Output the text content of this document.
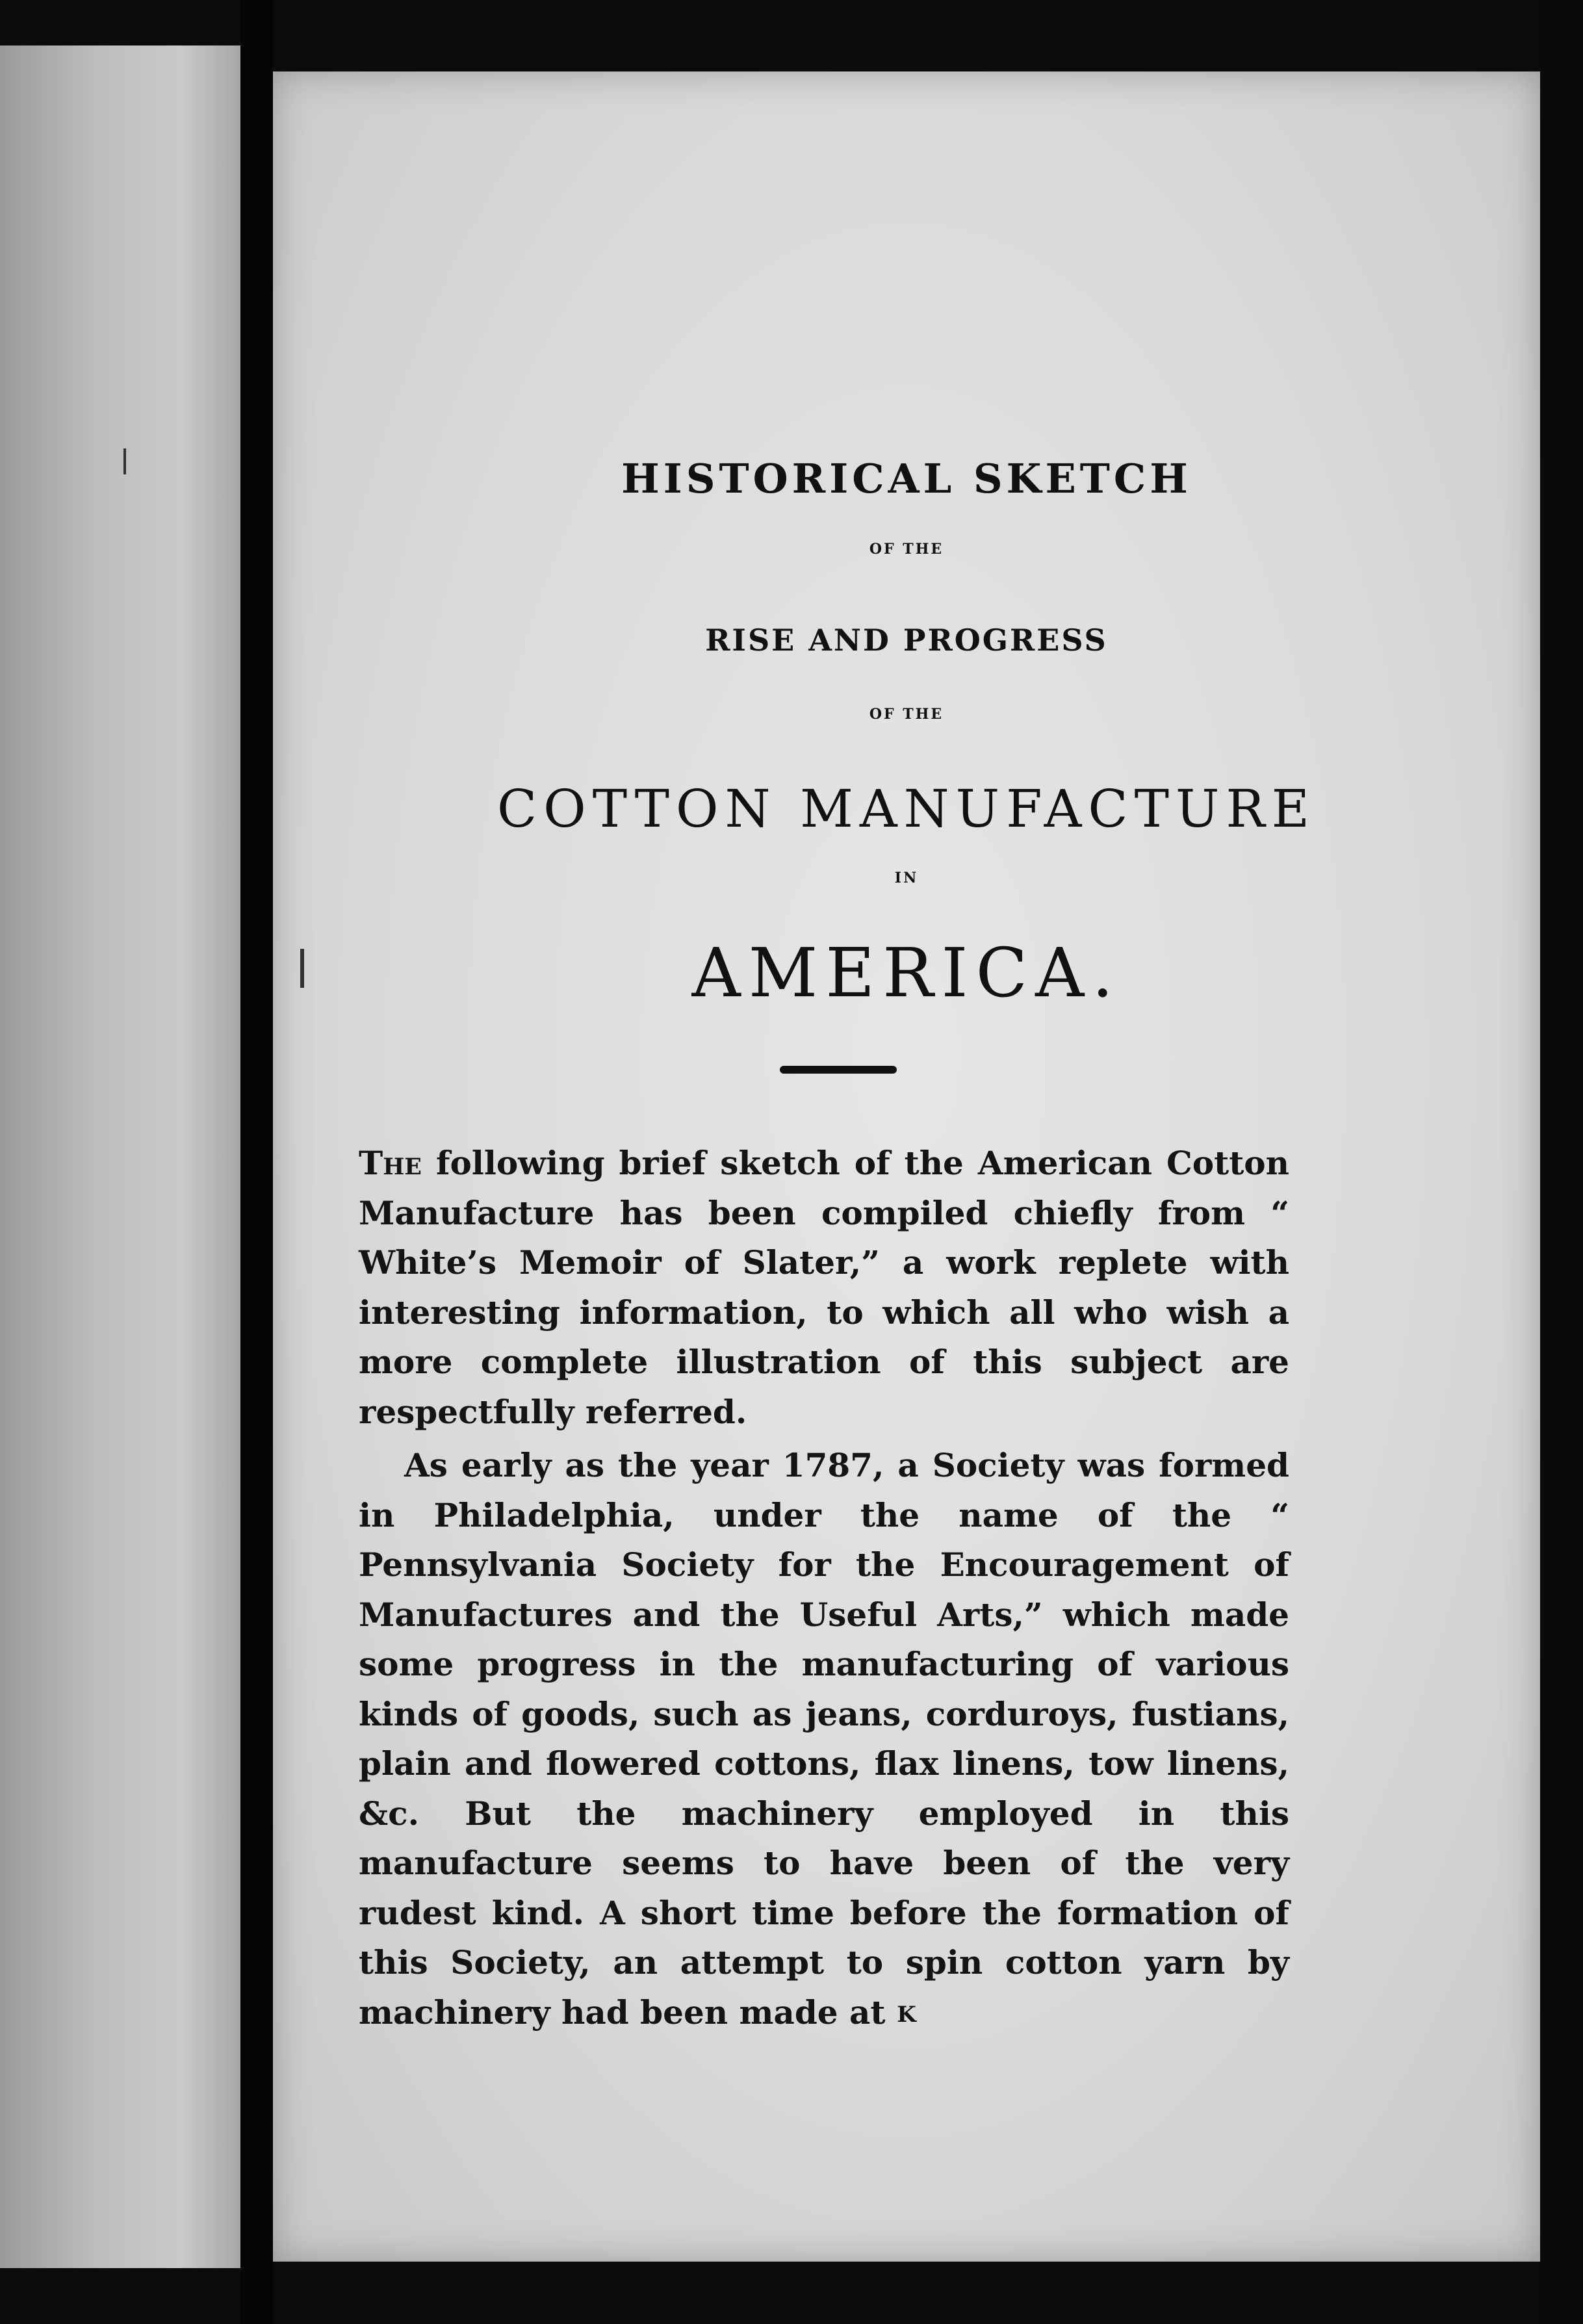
HISTORICAL SKETCH
OF THE
RISE AND PROGRESS
OF THE
COTTON MANUFACTURE
IN
AMERICA.

The following brief sketch of the American Cotton Manufacture has been compiled chiefly from “ White’s Memoir of Slater,” a work replete with interesting information, to which all who wish a more complete illustration of this subject are respectfully referred.

As early as the year 1787, a Society was formed in Philadelphia, under the name of the “ Pennsylvania Society for the Encouragement of Manufactures and the Useful Arts,” which made some progress in the manufacturing of various kinds of goods, such as jeans, corduroys, fustians, plain and flowered cottons, flax linens, tow linens, &c. But the machinery employed in this manufacture seems to have been of the very rudest kind. A short time before the formation of this Society, an attempt to spin cotton yarn by machinery had been made at K
